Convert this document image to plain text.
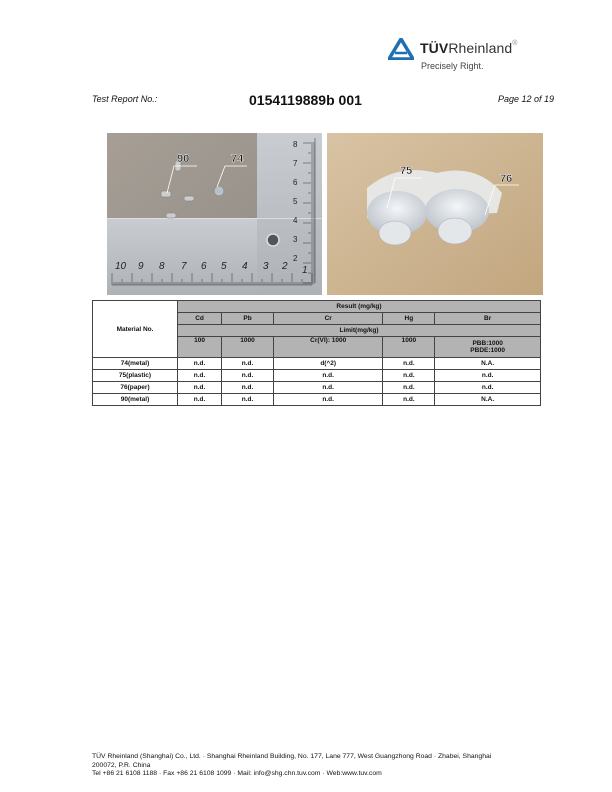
TÜVRheinland®
Precisely Right.
Test Report No.:	0154119889b 001	Page 12 of 19
10 9 8 7 6 5 4 3 2 1
8
7
6
5
4
3
2
90	74
75
76
Material No.	Result (mg/kg)				
	Cd	Pb	Cr	Hg	Br
	Limit(mg/kg)				
	100	1000	Cr(VI): 1000	1000	PBB:1000
PBDE:1000
74(metal)	n.d.	n.d.	d(^2)	n.d.	N.A.
75(plastic)	n.d.	n.d.	n.d.	n.d.	n.d.
76(paper)	n.d.	n.d.	n.d.	n.d.	n.d.
90(metal)	n.d.	n.d.	n.d.	n.d.	N.A.
TÜV Rheinland (Shanghai) Co., Ltd. · Shanghai Rheinland Building, No. 177, Lane 777, West Guangzhong Road · Zhabei, Shanghai
200072, P.R. China
Tel +86 21 6108 1188 · Fax +86 21 6108 1099 · Mail: info@shg.chn.tuv.com · Web:www.tuv.com
